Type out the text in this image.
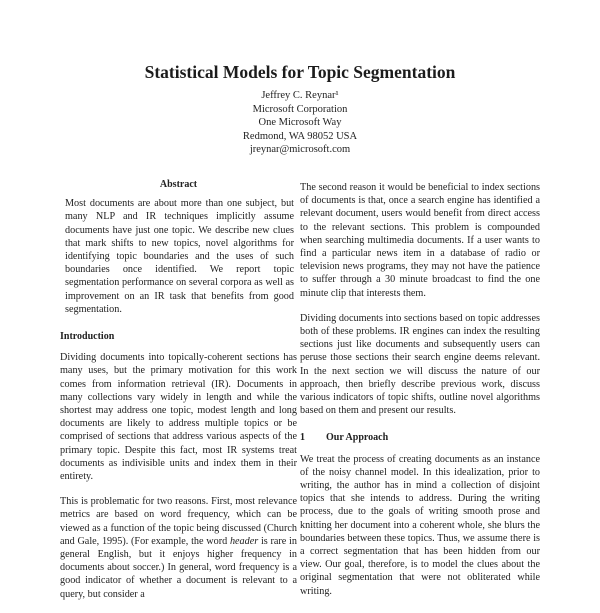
Statistical Models for Topic Segmentation
Jeffrey C. Reynar¹
Microsoft Corporation
One Microsoft Way
Redmond, WA 98052 USA
jreynar@microsoft.com
Abstract

Most documents are about more than one subject, but many NLP and IR techniques implicitly assume documents have just one topic. We describe new clues that mark shifts to new topics, novel algorithms for identifying topic boundaries and the uses of such boundaries once identified. We report topic segmentation performance on several corpora as well as improvement on an IR task that benefits from good segmentation.

Introduction

Dividing documents into topically-coherent sections has many uses, but the primary motivation for this work comes from information retrieval (IR). Documents in many collections vary widely in length and while the shortest may address one topic, modest length and long documents are likely to address multiple topics or be comprised of sections that address various aspects of the primary topic. Despite this fact, most IR systems treat documents as indivisible units and index them in their entirety.

This is problematic for two reasons. First, most relevance metrics are based on word frequency, which can be viewed as a function of the topic being discussed (Church and Gale, 1995). (For example, the word header is rare in general English, but it enjoys higher frequency in documents about soccer.) In general, word frequency is a good indicator of whether a document is relevant to a query, but consider a

The second reason it would be beneficial to index sections of documents is that, once a search engine has identified a relevant document, users would benefit from direct access to the relevant sections. This problem is compounded when searching multimedia documents. If a user wants to find a particular news item in a database of radio or television news programs, they may not have the patience to suffer through a 30 minute broadcast to find the one minute clip that interests them.

Dividing documents into sections based on topic addresses both of these problems. IR engines can index the resulting sections just like documents and subsequently users can peruse those sections their search engine deems relevant. In the next section we will discuss the nature of our approach, then briefly describe previous work, discuss various indicators of topic shifts, outline novel algorithms based on them and present our results.

1 Our Approach

We treat the process of creating documents as an instance of the noisy channel model. In this idealization, prior to writing, the author has in mind a collection of disjoint topics that she intends to address. During the writing process, due to the goals of writing smooth prose and knitting her document into a coherent whole, she blurs the boundaries between these topics. Thus, we assume there is a correct segmentation that has been hidden from our view. Our goal, therefore, is to model the clues about the original segmentation that were not obliterated while writing.
